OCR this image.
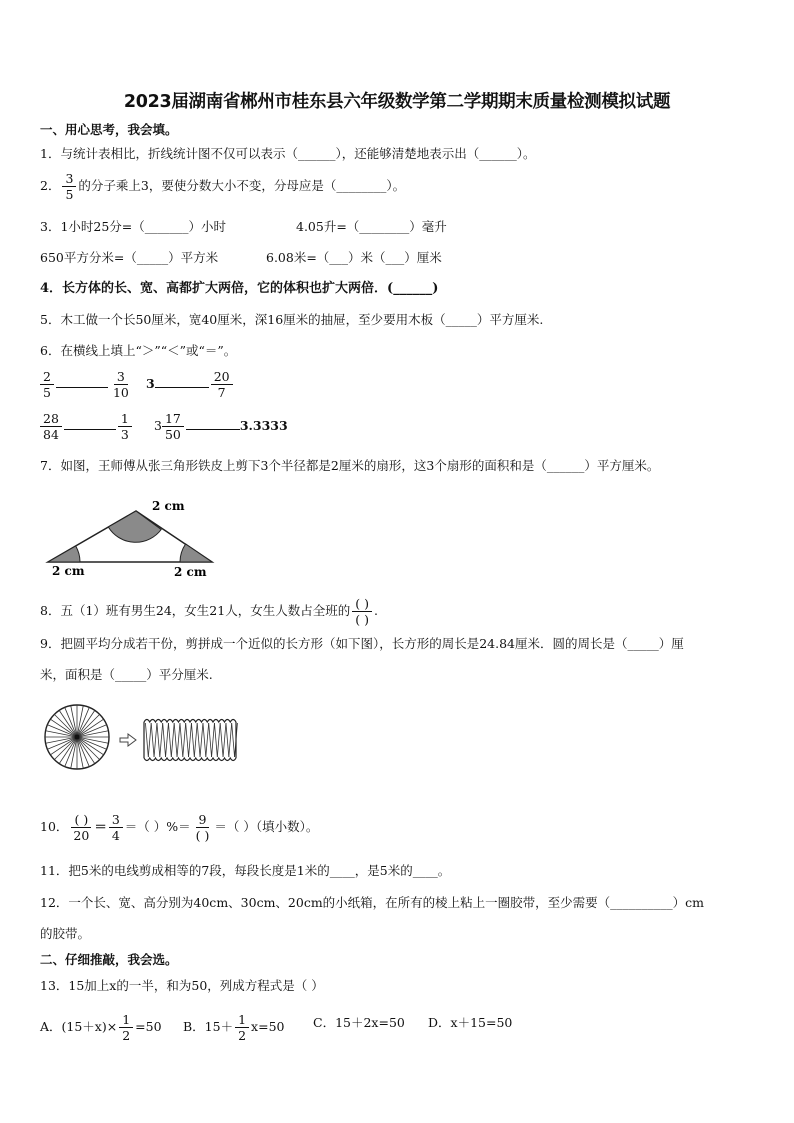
2023届湖南省郴州市桂东县六年级数学第二学期期末质量检测模拟试题
一、用心思考，我会填。
1．与统计表相比，折线统计图不仅可以表示（______），还能够清楚地表示出（______）。
2． $\frac{3}{5}$ 的分子乘上3，要使分数大小不变，分母应是（________）。
3．1小时25分=（_______）小时	4.05升=（________）毫升
650平方分米=（_____）平方米	6.08米=（___）米（___）厘米
4．长方体的长、宽、高都扩大两倍，它的体积也扩大两倍．(______)
5．木工做一个长50厘米，宽40厘米，深16厘米的抽屉，至少要用木板（_____）平方厘米.
6．在横线上填上“＞”“＜”或“＝”。
$\frac{2}{5}$	$\frac{3}{10} 3$	$\frac{20}{7}$
$\frac{28}{84}$	$\frac{1}{3} 3 \frac{17}{50}$	3.3333
7．如图，王师傅从张三角形铁皮上剪下3个半径都是2厘米的扇形，这3个扇形的面积和是（______）平方厘米。
2 cm
2 cm	2 cm
8．五（1）班有男生24，女生21人，女生人数占全班的 $\frac{( )}{( )}$ .
9．把圆平均分成若干份，剪拼成一个近似的长方形（如下图），长方形的周长是24.84厘米．圆的周长是（_____）厘
米，面积是（_____）平分厘米.
10． $\frac{( )}{20} = \frac{3}{4}$ ＝（ ）%＝ $\frac{9}{( )}$ ＝（ ）（填小数）。
11．把5米的电线剪成相等的7段，每段长度是1米的____，是5米的____。
12．一个长、宽、高分别为40cm、30cm、20cm的小纸箱，在所有的棱上粘上一圈胶带，至少需要（__________）cm
的胶带。
二、仔细推敲，我会选。
13．15加上x的一半，和为50，列成方程式是（ ）
A．$(15+x)\times \frac{1}{2} =50$ B．$15+ \frac{1}{2} x=50$ C．15＋2x=50 D．x＋15=50
